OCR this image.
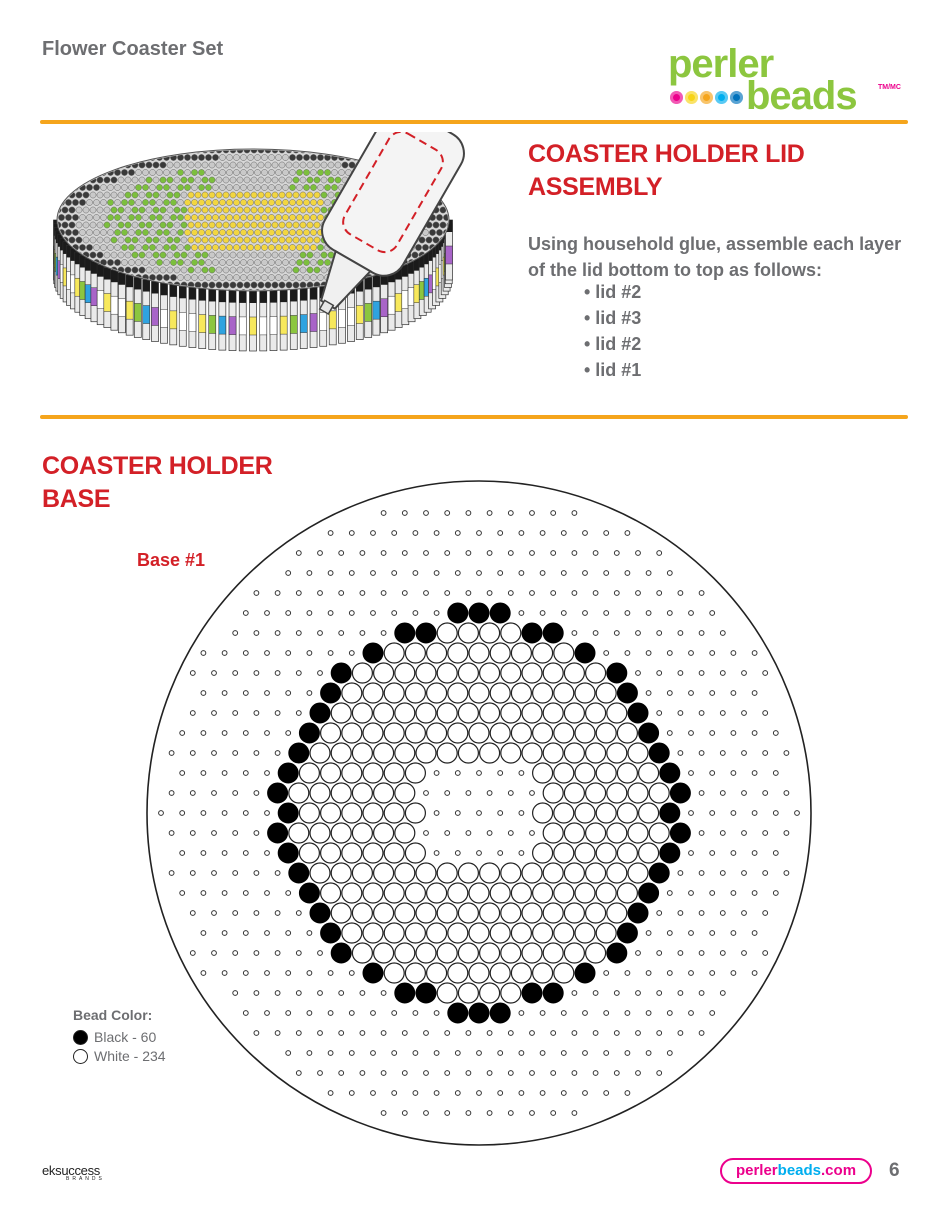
Flower Coaster Set	perler
beads	TM/MC
COASTER HOLDER LID
ASSEMBLY
Using household glue, assemble each layer of the lid bottom to top as follows:
• lid #2
• lid #3
• lid #2
• lid #1
COASTER HOLDER
BASE
Base #1
Bead Color:
Black - 60
White - 234
eksuccess
BRANDS	perlerbeads.com	6
